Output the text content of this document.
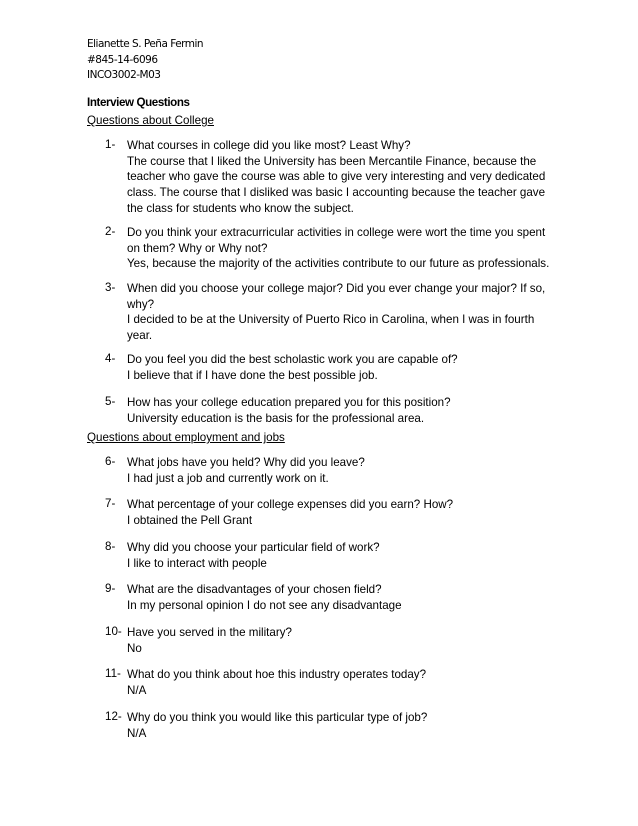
Elianette S. Peña Fermin
#845-14-6096
INCO3002-M03
Interview Questions
Questions about College
1- What courses in college did you like most? Least Why?
The course that I liked the University has been Mercantile Finance, because the teacher who gave the course was able to give very interesting and very dedicated class. The course that I disliked was basic I accounting because the teacher gave the class for students who know the subject.
2- Do you think your extracurricular activities in college were wort the time you spent on them? Why or Why not?
Yes, because the majority of the activities contribute to our future as professionals.
3- When did you choose your college major? Did you ever change your major? If so, why?
I decided to be at the University of Puerto Rico in Carolina, when I was in fourth year.
4- Do you feel you did the best scholastic work you are capable of?
I believe that if I have done the best possible job.
5- How has your college education prepared you for this position?
University education is the basis for the professional area.
Questions about employment and jobs
6- What jobs have you held? Why did you leave?
I had just a job and currently work on it.
7- What percentage of your college expenses did you earn? How?
I obtained the Pell Grant
8- Why did you choose your particular field of work?
I like to interact with people
9- What are the disadvantages of your chosen field?
In my personal opinion I do not see any disadvantage
10- Have you served in the military?
No
11- What do you think about hoe this industry operates today?
N/A
12- Why do you think you would like this particular type of job?
N/A
